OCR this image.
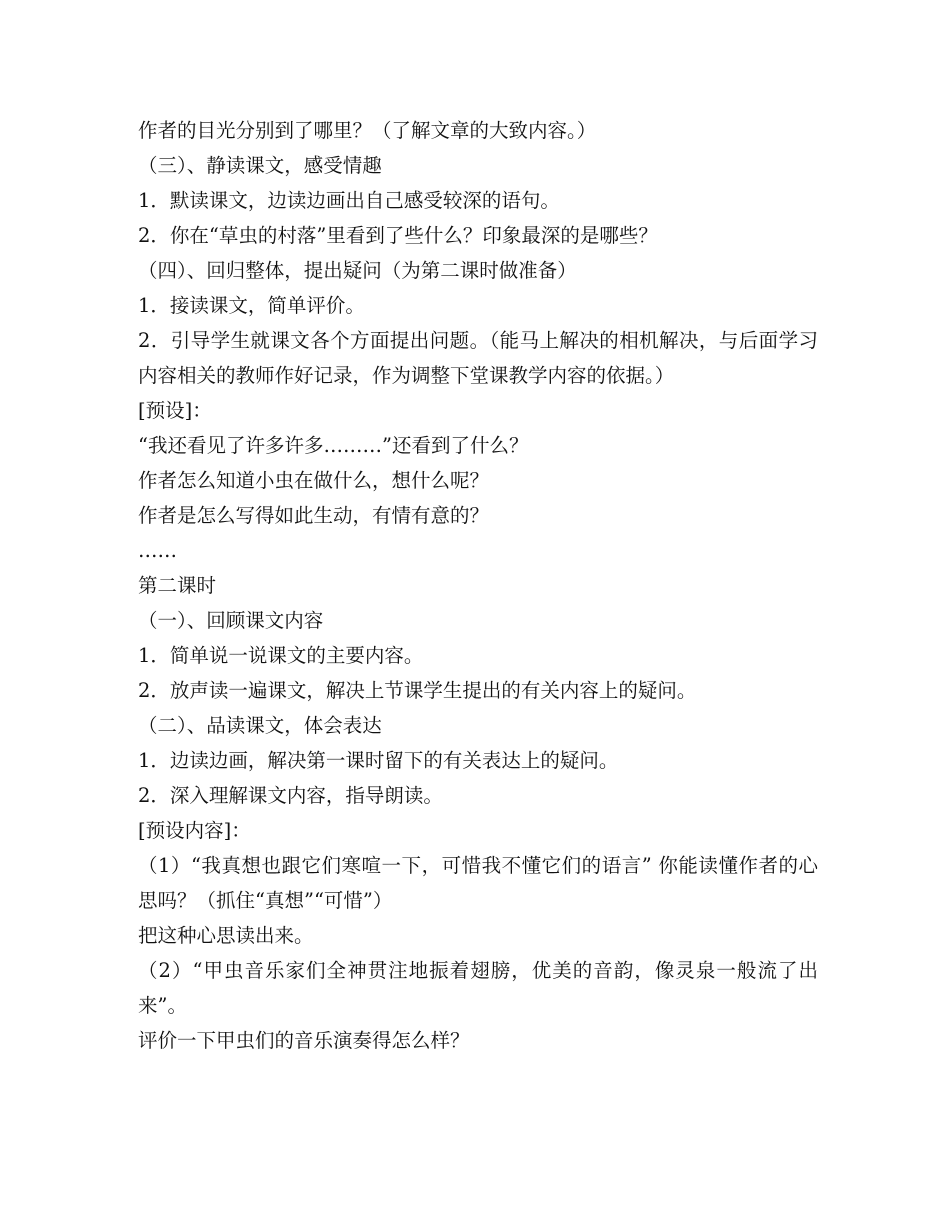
作者的目光分别到了哪里？（了解文章的大致内容。）
（三）、静读课文，感受情趣
1．默读课文，边读边画出自己感受较深的语句。
2．你在“草虫的村落”里看到了些什么？印象最深的是哪些？
（四）、回归整体，提出疑问（为第二课时做准备）
1．接读课文，简单评价。
2．引导学生就课文各个方面提出问题。（能马上解决的相机解决，与后面学习内容相关的教师作好记录，作为调整下堂课教学内容的依据。）
[预设]：
“我还看见了许多许多………”还看到了什么？
作者怎么知道小虫在做什么，想什么呢？
作者是怎么写得如此生动，有情有意的？
……
第二课时
（一）、回顾课文内容
1．简单说一说课文的主要内容。
2．放声读一遍课文，解决上节课学生提出的有关内容上的疑问。
（二）、品读课文，体会表达
1．边读边画，解决第一课时留下的有关表达上的疑问。
2．深入理解课文内容，指导朗读。
[预设内容]：
（1）“我真想也跟它们寒喧一下，可惜我不懂它们的语言” 你能读懂作者的心思吗？（抓住“真想”“可惜”）
把这种心思读出来。
（2）“甲虫音乐家们全神贯注地振着翅膀，优美的音韵，像灵泉一般流了出来”。
评价一下甲虫们的音乐演奏得怎么样？
